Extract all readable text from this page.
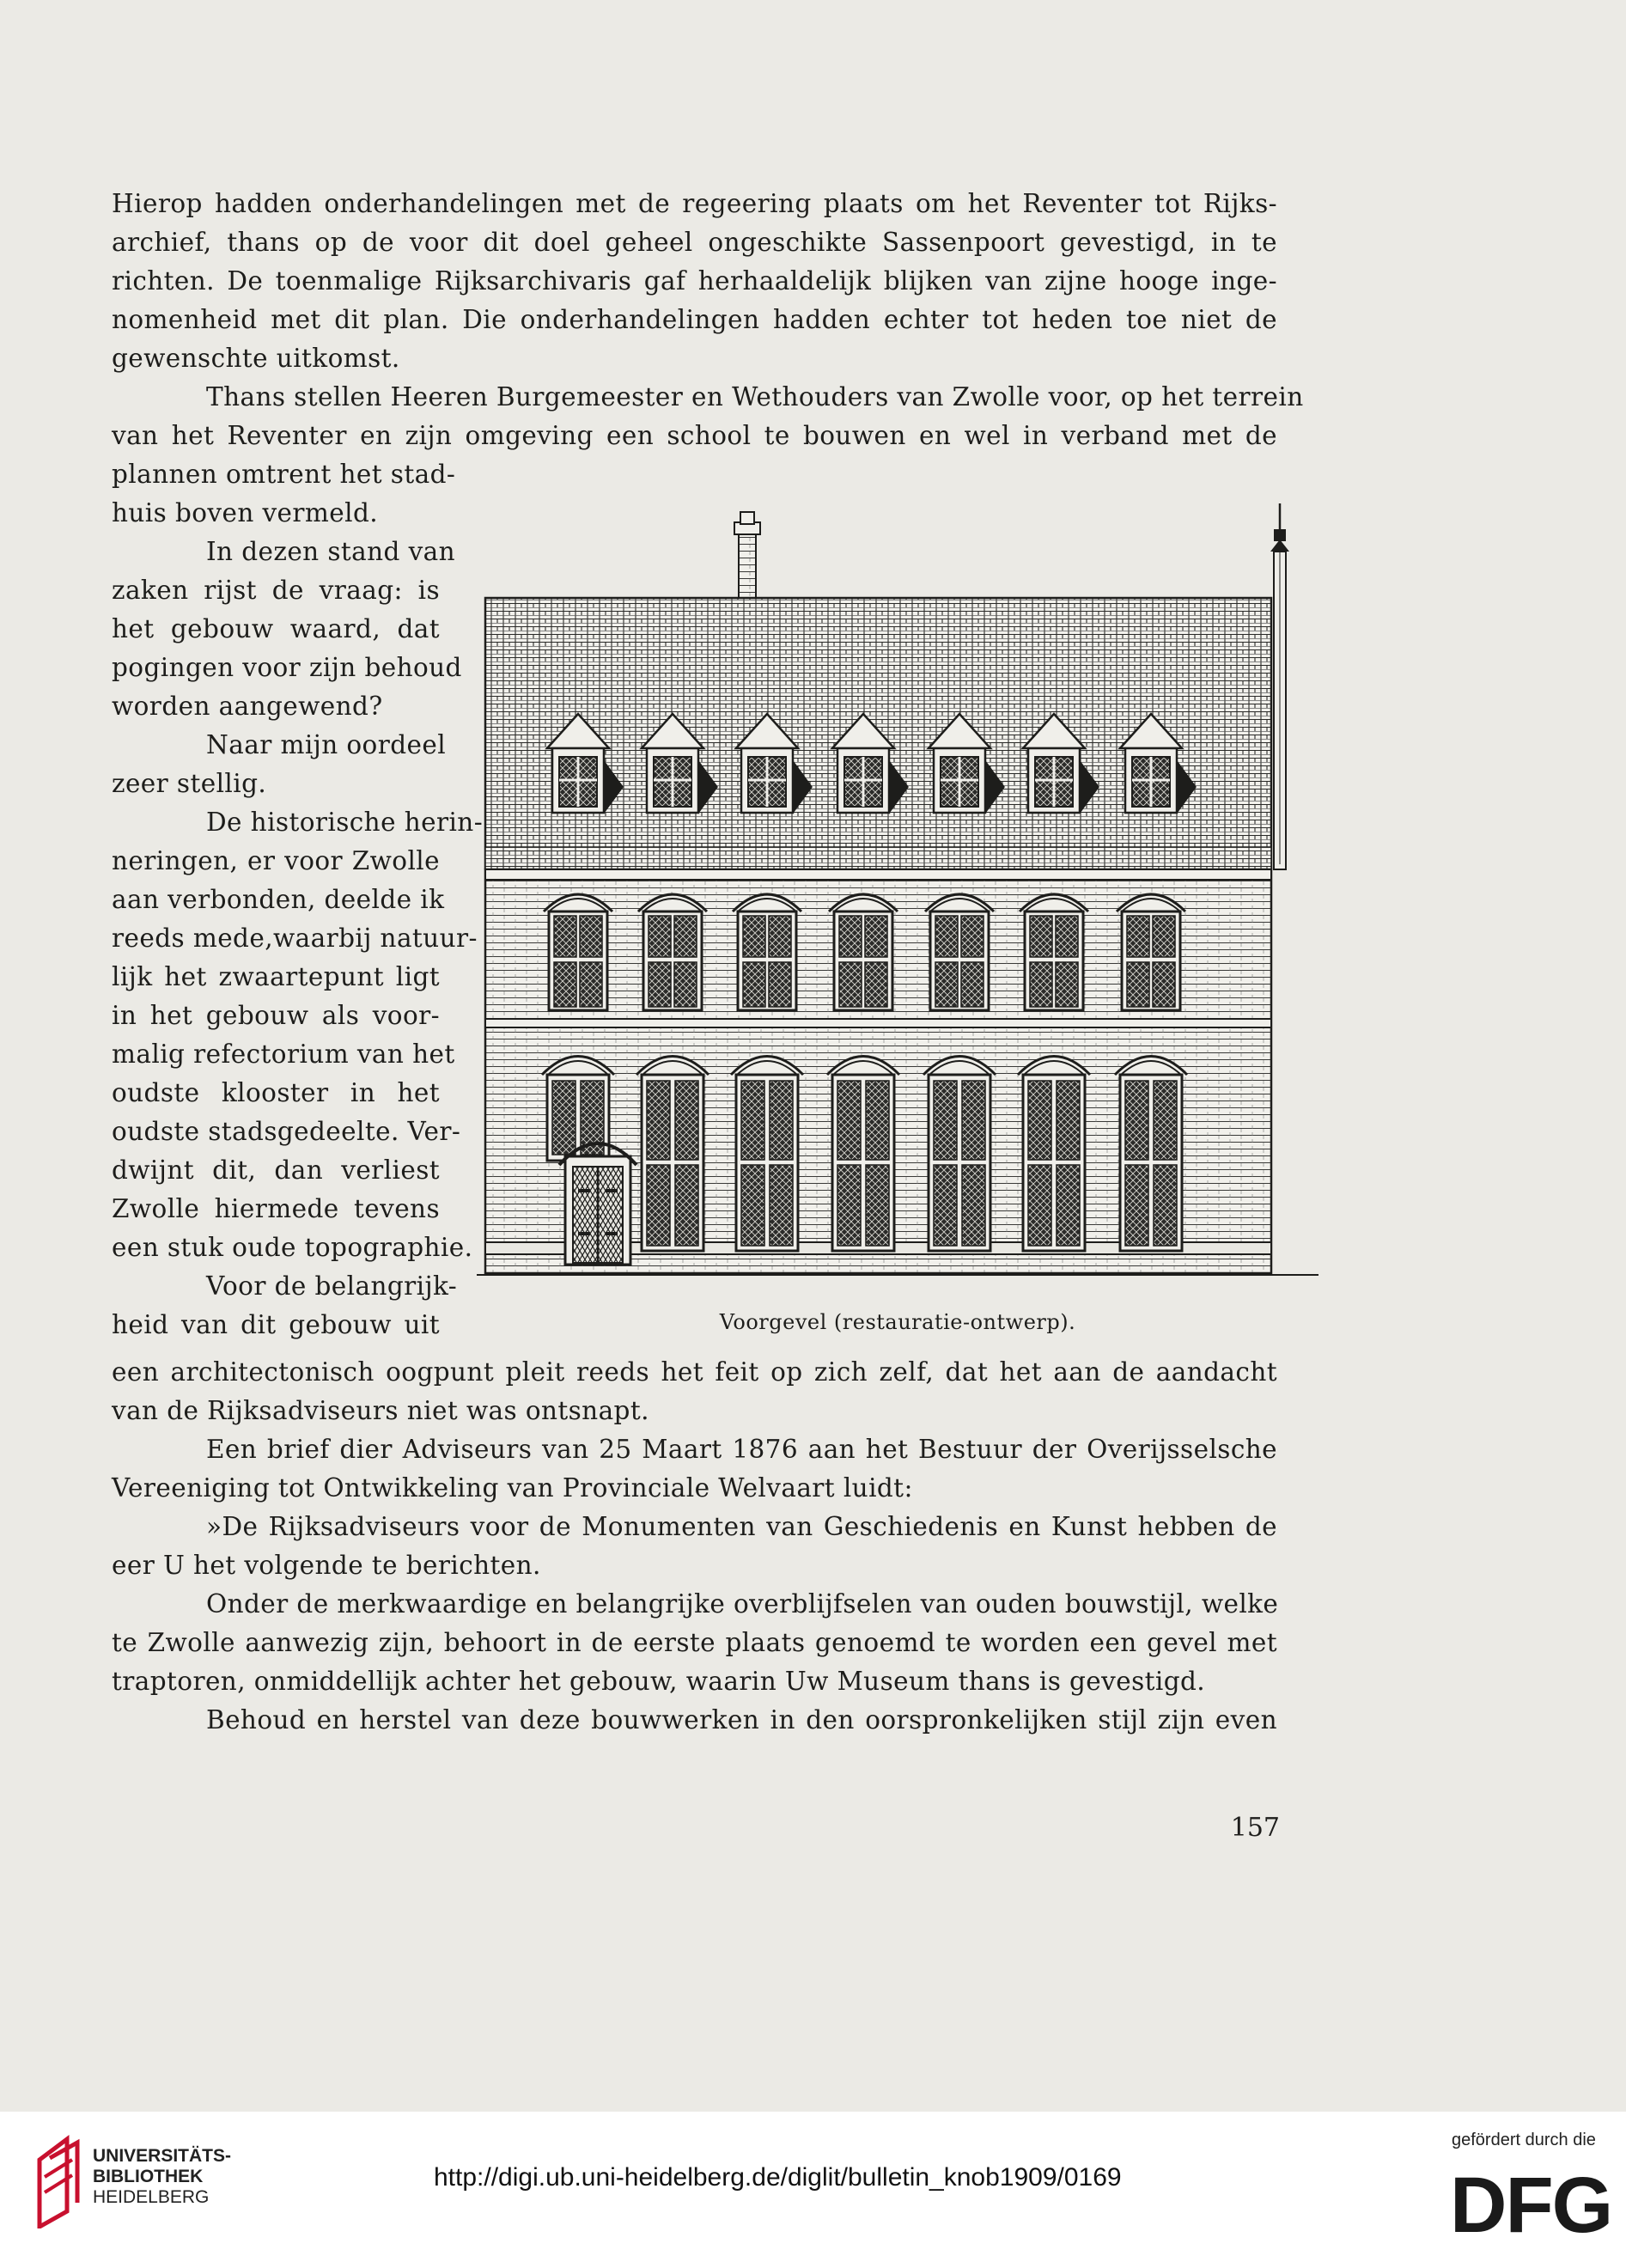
Hierop hadden onderhandelingen met de regeering plaats om het Reventer tot Rijks-
archief, thans op de voor dit doel geheel ongeschikte Sassenpoort gevestigd, in te
richten. De toenmalige Rijksarchivaris gaf herhaaldelijk blijken van zijne hooge inge-
nomenheid met dit plan. Die onderhandelingen hadden echter tot heden toe niet de
gewenschte uitkomst.
Thans stellen Heeren Burgemeester en Wethouders van Zwolle voor, op het terrein
van het Reventer en zijn omgeving een school te bouwen en wel in verband met de
plannen omtrent het stad-
huis boven vermeld.
In dezen stand van
zaken rijst de vraag: is
het gebouw waard, dat
pogingen voor zijn behoud
worden aangewend?
Naar mijn oordeel
zeer stellig.
De historische herin-
neringen, er voor Zwolle
aan verbonden, deelde ik
reeds mede,waarbij natuur-
lijk het zwaartepunt ligt
in het gebouw als voor-
malig refectorium van het
oudste klooster in het
oudste stadsgedeelte. Ver-
dwijnt dit, dan verliest
Zwolle hiermede tevens
een stuk oude topographie.
Voor de belangrijk-
heid van dit gebouw uit	Voorgevel (restauratie-ontwerp).
een architectonisch oogpunt pleit reeds het feit op zich zelf, dat het aan de aandacht
van de Rijksadviseurs niet was ontsnapt.
Een brief dier Adviseurs van 25 Maart 1876 aan het Bestuur der Overijsselsche
Vereeniging tot Ontwikkeling van Provinciale Welvaart luidt:
»De Rijksadviseurs voor de Monumenten van Geschiedenis en Kunst hebben de
eer U het volgende te berichten.
Onder de merkwaardige en belangrijke overblijfselen van ouden bouwstijl, welke
te Zwolle aanwezig zijn, behoort in de eerste plaats genoemd te worden een gevel met
traptoren, onmiddellijk achter het gebouw, waarin Uw Museum thans is gevestigd.
Behoud en herstel van deze bouwwerken in den oorspronkelijken stijl zijn even
157
UNIVERSITÄTS-
BIBLIOTHEK
HEIDELBERG
http://digi.ub.uni-heidelberg.de/diglit/bulletin_knob1909/0169
gefördert durch die
DFG
